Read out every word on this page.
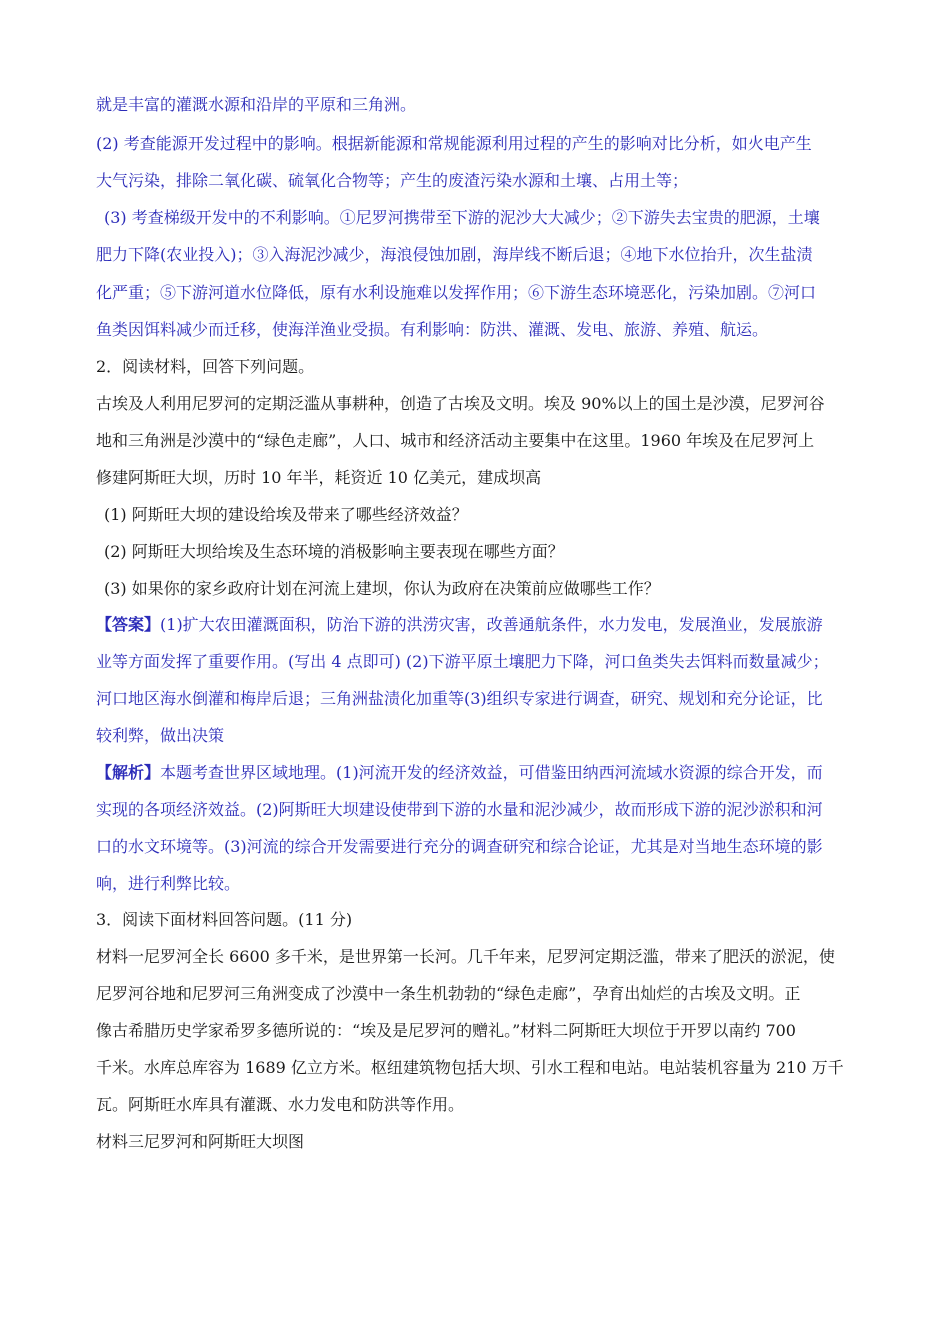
就是丰富的灌溉水源和沿岸的平原和三角洲。
(2) 考查能源开发过程中的影响。根据新能源和常规能源利用过程的产生的影响对比分析，如火电产生
大气污染，排除二氧化碳、硫氧化合物等；产生的废渣污染水源和土壤、占用土等；
(3) 考查梯级开发中的不利影响。①尼罗河携带至下游的泥沙大大减少；②下游失去宝贵的肥源，土壤
肥力下降(农业投入)；③入海泥沙减少，海浪侵蚀加剧，海岸线不断后退；④地下水位抬升，次生盐渍
化严重；⑤下游河道水位降低，原有水利设施难以发挥作用；⑥下游生态环境恶化，污染加剧。⑦河口
鱼类因饵料减少而迁移，使海洋渔业受损。有利影响：防洪、灌溉、发电、旅游、养殖、航运。
2．阅读材料，回答下列问题。
古埃及人利用尼罗河的定期泛滥从事耕种，创造了古埃及文明。埃及 90%以上的国土是沙漠，尼罗河谷
地和三角洲是沙漠中的“绿色走廊”，人口、城市和经济活动主要集中在这里。1960 年埃及在尼罗河上
修建阿斯旺大坝，历时 10 年半，耗资近 10 亿美元，建成坝高
(1) 阿斯旺大坝的建设给埃及带来了哪些经济效益？
(2) 阿斯旺大坝给埃及生态环境的消极影响主要表现在哪些方面？
(3) 如果你的家乡政府计划在河流上建坝，你认为政府在决策前应做哪些工作？
【答案】(1)扩大农田灌溉面积，防治下游的洪涝灾害，改善通航条件，水力发电，发展渔业，发展旅游
业等方面发挥了重要作用。(写出 4 点即可) (2)下游平原土壤肥力下降，河口鱼类失去饵料而数量减少；
河口地区海水倒灌和梅岸后退；三角洲盐渍化加重等(3)组织专家进行调查，研究、规划和充分论证，比
较利弊，做出决策
【解析】本题考查世界区域地理。(1)河流开发的经济效益，可借鉴田纳西河流域水资源的综合开发，而
实现的各项经济效益。(2)阿斯旺大坝建设使带到下游的水量和泥沙减少，故而形成下游的泥沙淤积和河
口的水文环境等。(3)河流的综合开发需要进行充分的调查研究和综合论证，尤其是对当地生态环境的影
响，进行利弊比较。
3．阅读下面材料回答问题。(11 分)
材料一尼罗河全长 6600 多千米，是世界第一长河。几千年来，尼罗河定期泛滥，带来了肥沃的淤泥，使
尼罗河谷地和尼罗河三角洲变成了沙漠中一条生机勃勃的“绿色走廊”，孕育出灿烂的古埃及文明。正
像古希腊历史学家希罗多德所说的：“埃及是尼罗河的赠礼。”材料二阿斯旺大坝位于开罗以南约 700
千米。水库总库容为 1689 亿立方米。枢纽建筑物包括大坝、引水工程和电站。电站装机容量为 210 万千
瓦。阿斯旺水库具有灌溉、水力发电和防洪等作用。
材料三尼罗河和阿斯旺大坝图
